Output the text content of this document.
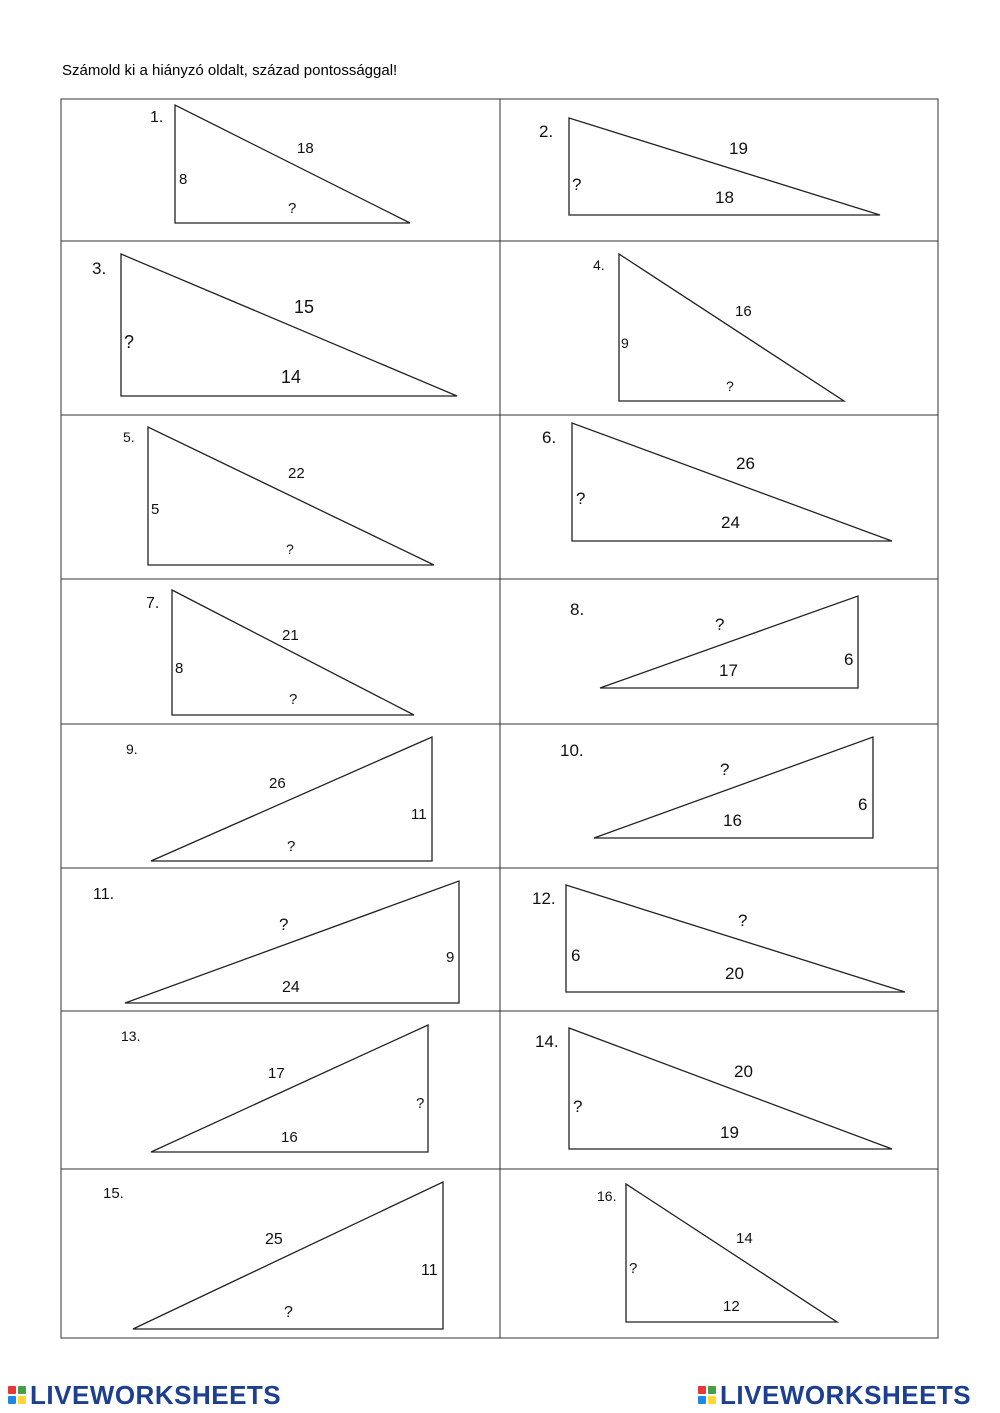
Számold ki a hiányzó oldalt, század pontossággal!
1.
18
8
?
2.
19
?
18
3.
15
?
14
4.
16
9
?
5.
22
5
?
6.
26
?
24
7.
21
8
?
8.
?
17
6
9.
26
11
?
10.
?
6
16
11.
?
9
24
12.
?
6
20
13.
17
?
16
14.
20
?
19
15.
25
11
?
16.
14
?
12
LIVEWORKSHEETS	LIVEWORKSHEETS
